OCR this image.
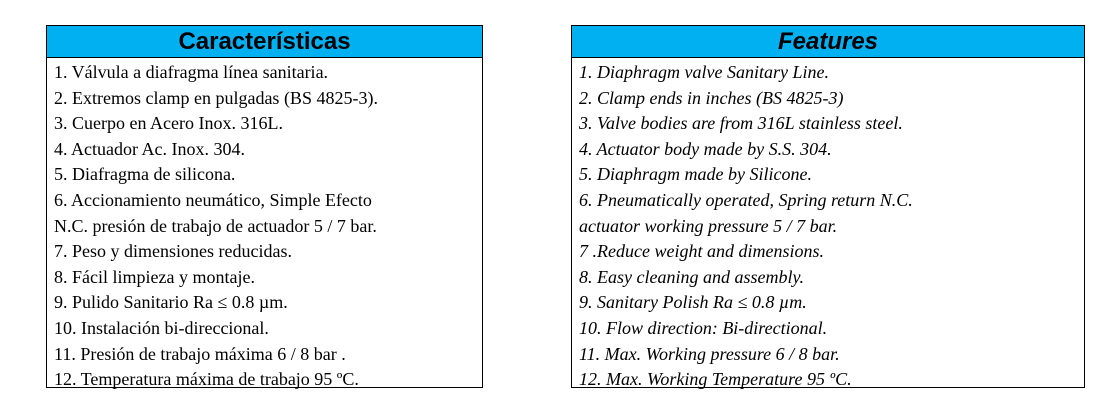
Características
1. Válvula a diafragma línea sanitaria.
2. Extremos clamp en pulgadas (BS 4825-3).
3. Cuerpo en Acero Inox. 316L.
4. Actuador Ac. Inox. 304.
5. Diafragma de silicona.
6. Accionamiento neumático, Simple Efecto
N.C. presión de trabajo de actuador 5 / 7 bar.
7. Peso y dimensiones reducidas.
8. Fácil limpieza y montaje.
9. Pulido Sanitario Ra ≤ 0.8 µm.
10. Instalación bi-direccional.
11. Presión de trabajo máxima 6 / 8 bar .
12. Temperatura máxima de trabajo 95 ºC.
Features
1. Diaphragm valve Sanitary Line.
2. Clamp ends in inches (BS 4825-3)
3. Valve bodies are from 316L stainless steel.
4. Actuator body made by S.S. 304.
5. Diaphragm made by Silicone.
6. Pneumatically operated, Spring return N.C.
actuator working pressure 5 / 7 bar.
7 .Reduce weight and dimensions.
8. Easy cleaning and assembly.
9. Sanitary Polish Ra ≤ 0.8 µm.
10. Flow direction: Bi-directional.
11. Max. Working pressure 6 / 8 bar.
12. Max. Working Temperature 95 ºC.
